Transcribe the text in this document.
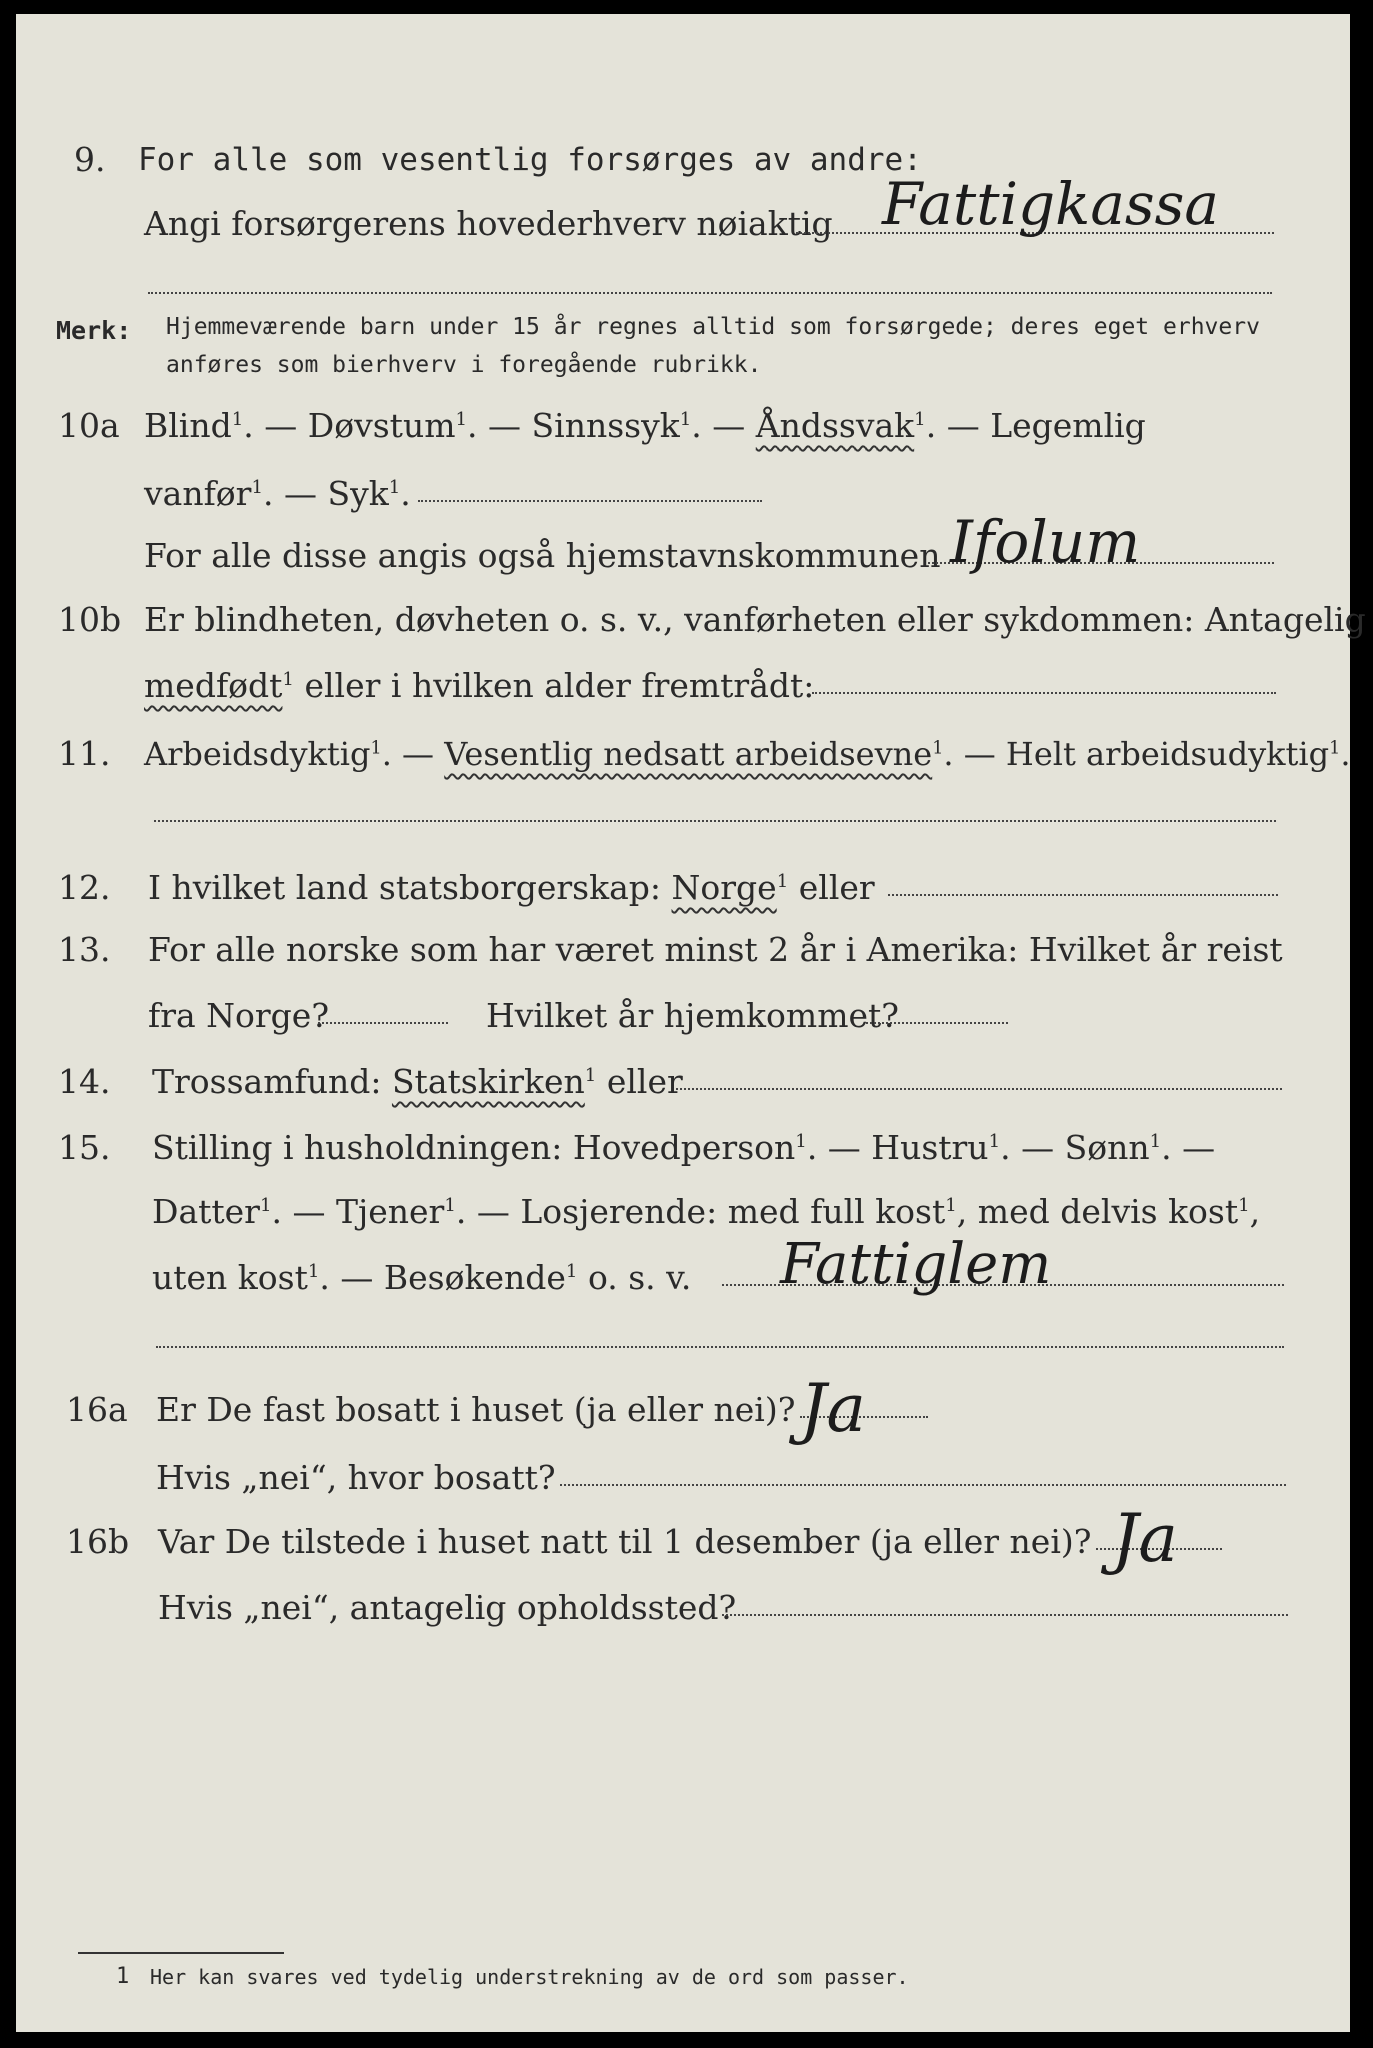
9. For alle som vesentlig forsørges av andre:
Angi forsørgerens hovederhverv nøiaktig Fattigkassa
Merk: Hjemmeværende barn under 15 år regnes alltid som forsørgede; deres eget erhverv
anføres som bierhverv i foregående rubrikk.
10a Blind$^1$. — Døvstum$^1$. — Sinnssyk$^1$. — Åndssvak$^1$. — Legemlig
vanfør$^1$. — Syk$^1$.
For alle disse angis også hjemstavnskommunen Ifolum
10b Er blindheten, døvheten o. s. v., vanførheten eller sykdommen: Antagelig
medfødt$^1$ eller i hvilken alder fremtrådt:
11. Arbeidsdyktig$^1$. — Vesentlig nedsatt arbeidsevne$^1$. — Helt arbeidsudyktig$^1$.
12. I hvilket land statsborgerskap: Norge$^1$ eller
13. For alle norske som har været minst 2 år i Amerika: Hvilket år reist
fra Norge?	Hvilket år hjemkommet?
14. Trossamfund: Statskirken$^1$ eller
15. Stilling i husholdningen: Hovedperson$^1$. — Hustru$^1$. — Sønn$^1$. —
Datter$^1$. — Tjener$^1$. — Losjerende: med full kost$^1$, med delvis kost$^1$,
uten kost$^1$. — Besøkende$^1$ o. s. v. Fattiglem
16a Er De fast bosatt i huset (ja eller nei)? Ja
Hvis „nei“, hvor bosatt?
16b Var De tilstede i huset natt til 1 desember (ja eller nei)? Ja
Hvis „nei“, antagelig opholdssted?
1 Her kan svares ved tydelig understrekning av de ord som passer.
